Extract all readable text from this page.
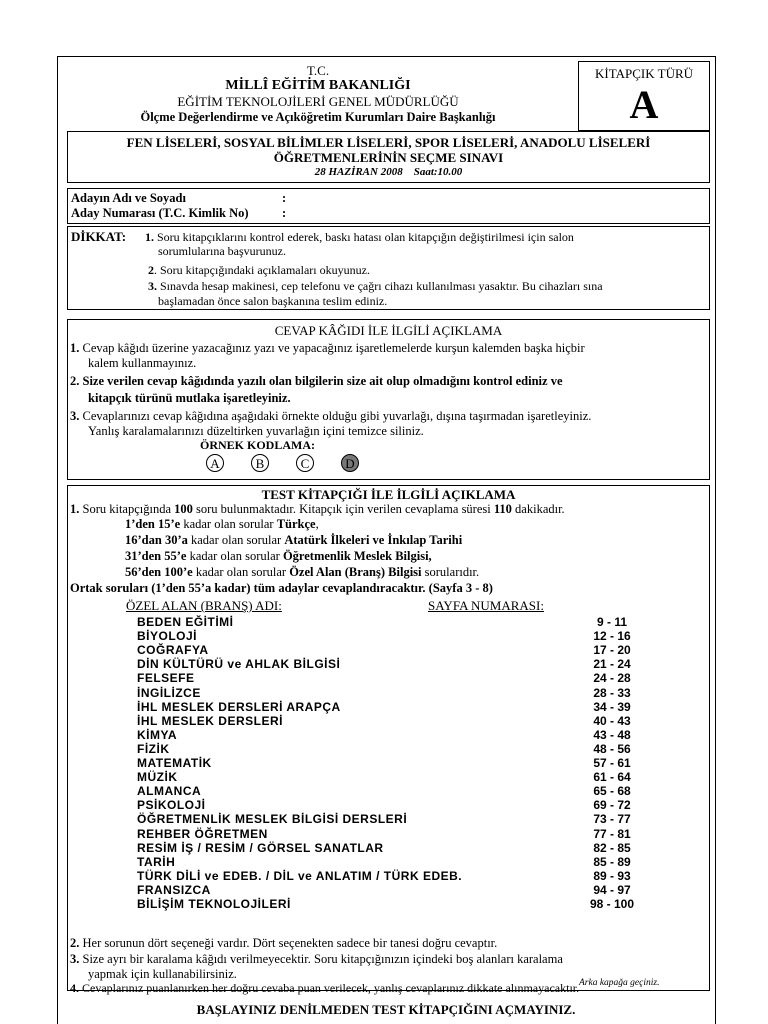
T.C.
MİLLÎ EĞİTİM BAKANLIĞI
EĞİTİM TEKNOLOJİLERİ GENEL MÜDÜRLÜĞÜ
Ölçme Değerlendirme ve Açıköğretim Kurumları Daire Başkanlığı
KİTAPÇIK TÜRÜ
A
FEN LİSELERİ, SOSYAL BİLİMLER LİSELERİ, SPOR LİSELERİ, ANADOLU LİSELERİ
ÖĞRETMENLERİNİN SEÇME SINAVI
28 HAZİRAN 2008 Saat:10.00
Adayın Adı ve Soyadı	:
Aday Numarası (T.C. Kimlik No)	:
DİKKAT: 1. Soru kitapçıklarını kontrol ederek, baskı hatası olan kitapçığın değiştirilmesi için salon
sorumlularına başvurunuz.
2. Soru kitapçığındaki açıklamaları okuyunuz.
3. Sınavda hesap makinesi, cep telefonu ve çağrı cihazı kullanılması yasaktır. Bu cihazları sına
başlamadan önce salon başkanına teslim ediniz.
CEVAP KÂĞIDI İLE İLGİLİ AÇIKLAMA
1. Cevap kâğıdı üzerine yazacağınız yazı ve yapacağınız işaretlemelerde kurşun kalemden başka hiçbir
kalem kullanmayınız.
2. Size verilen cevap kâğıdında yazılı olan bilgilerin size ait olup olmadığını kontrol ediniz ve
kitapçık türünü mutlaka işaretleyiniz.
3. Cevaplarınızı cevap kâğıdına aşağıdaki örnekte olduğu gibi yuvarlağı, dışına taşırmadan işaretleyiniz.
Yanlış karalamalarınızı düzeltirken yuvarlağın içini temizce siliniz.
ÖRNEK KODLAMA:
A	B	C	D
TEST KİTAPÇIĞI İLE İLGİLİ AÇIKLAMA
1. Soru kitapçığında 100 soru bulunmaktadır. Kitapçık için verilen cevaplama süresi 110 dakikadır.
1’den 15’e kadar olan sorular Türkçe,
16’dan 30’a kadar olan sorular Atatürk İlkeleri ve İnkılap Tarihi
31’den 55’e kadar olan sorular Öğretmenlik Meslek Bilgisi,
56’den 100’e kadar olan sorular Özel Alan (Branş) Bilgisi sorularıdır.
Ortak soruları (1’den 55’a kadar) tüm adaylar cevaplandıracaktır. (Sayfa 3 - 8)
ÖZEL ALAN (BRANŞ) ADI:	SAYFA NUMARASI:
BEDEN EĞİTİMİ	9 - 11
BİYOLOJİ	12 - 16
COĞRAFYA	17 - 20
DİN KÜLTÜRÜ ve AHLAK BİLGİSİ	21 - 24
FELSEFE	24 - 28
İNGİLİZCE	28 - 33
İHL MESLEK DERSLERİ ARAPÇA	34 - 39
İHL MESLEK DERSLERİ	40 - 43
KİMYA	43 - 48
FİZİK	48 - 56
MATEMATİK	57 - 61
MÜZİK	61 - 64
ALMANCA	65 - 68
PSİKOLOJİ	69 - 72
ÖĞRETMENLİK MESLEK BİLGİSİ DERSLERİ	73 - 77
REHBER ÖĞRETMEN	77 - 81
RESİM İŞ / RESİM / GÖRSEL SANATLAR	82 - 85
TARİH	85 - 89
TÜRK DİLİ ve EDEB. / DİL ve ANLATIM / TÜRK EDEB.	89 - 93
FRANSIZCA	94 - 97
BİLİŞİM TEKNOLOJİLERİ	98 - 100
2. Her sorunun dört seçeneği vardır. Dört seçenekten sadece bir tanesi doğru cevaptır.
3. Size ayrı bir karalama kâğıdı verilmeyecektir. Soru kitapçığınızın içindeki boş alanları karalama
yapmak için kullanabilirsiniz.
4. Cevaplarınız puanlanırken her doğru cevaba puan verilecek, yanlış cevaplarınız dikkate alınmayacaktır. Arka kapağa geçiniz.
BAŞLAYINIZ DENİLMEDEN TEST KİTAPÇIĞINI AÇMAYINIZ.
